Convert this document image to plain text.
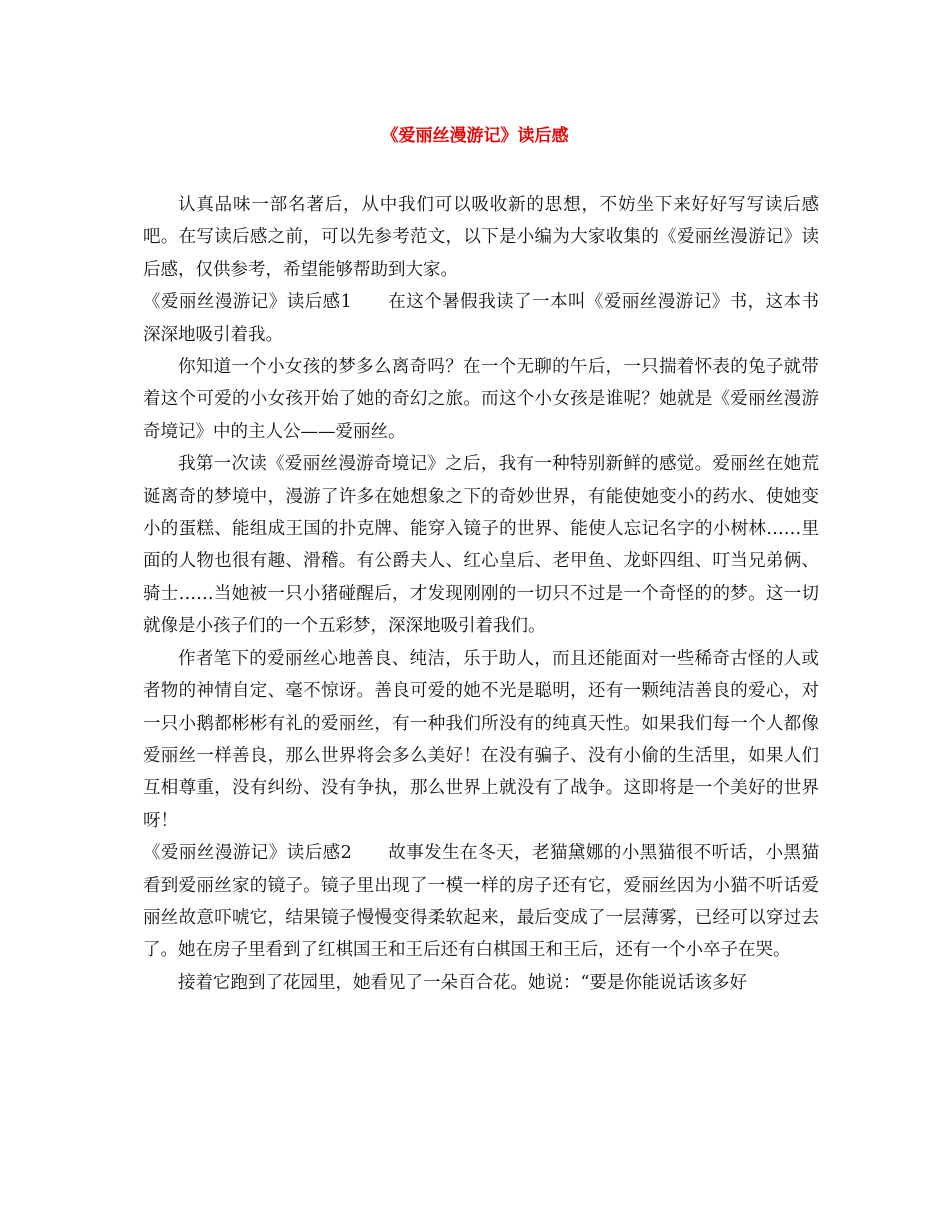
《爱丽丝漫游记》读后感

认真品味一部名著后，从中我们可以吸收新的思想，不妨坐下来好好写写读后感吧。在写读后感之前，可以先参考范文，以下是小编为大家收集的《爱丽丝漫游记》读后感，仅供参考，希望能够帮助到大家。

《爱丽丝漫游记》读后感1 在这个暑假我读了一本叫《爱丽丝漫游记》书，这本书深深地吸引着我。

你知道一个小女孩的梦多么离奇吗？在一个无聊的午后，一只揣着怀表的兔子就带着这个可爱的小女孩开始了她的奇幻之旅。而这个小女孩是谁呢？她就是《爱丽丝漫游奇境记》中的主人公——爱丽丝。

我第一次读《爱丽丝漫游奇境记》之后，我有一种特别新鲜的感觉。爱丽丝在她荒诞离奇的梦境中，漫游了许多在她想象之下的奇妙世界，有能使她变小的药水、使她变小的蛋糕、能组成王国的扑克牌、能穿入镜子的世界、能使人忘记名字的小树林……里面的人物也很有趣、滑稽。有公爵夫人、红心皇后、老甲鱼、龙虾四组、叮当兄弟俩、骑士……当她被一只小猪碰醒后，才发现刚刚的一切只不过是一个奇怪的的梦。这一切就像是小孩子们的一个五彩梦，深深地吸引着我们。

作者笔下的爱丽丝心地善良、纯洁，乐于助人，而且还能面对一些稀奇古怪的人或者物的神情自定、毫不惊讶。善良可爱的她不光是聪明，还有一颗纯洁善良的爱心，对一只小鹅都彬彬有礼的爱丽丝，有一种我们所没有的纯真天性。如果我们每一个人都像爱丽丝一样善良，那么世界将会多么美好！在没有骗子、没有小偷的生活里，如果人们互相尊重，没有纠纷、没有争执，那么世界上就没有了战争。这即将是一个美好的世界呀！

《爱丽丝漫游记》读后感2 故事发生在冬天，老猫黛娜的小黑猫很不听话，小黑猫看到爱丽丝家的镜子。镜子里出现了一模一样的房子还有它，爱丽丝因为小猫不听话爱丽丝故意吓唬它，结果镜子慢慢变得柔软起来，最后变成了一层薄雾，已经可以穿过去了。她在房子里看到了红棋国王和王后还有白棋国王和王后，还有一个小卒子在哭。

接着它跑到了花园里，她看见了一朵百合花。她说：“要是你能说话该多好
